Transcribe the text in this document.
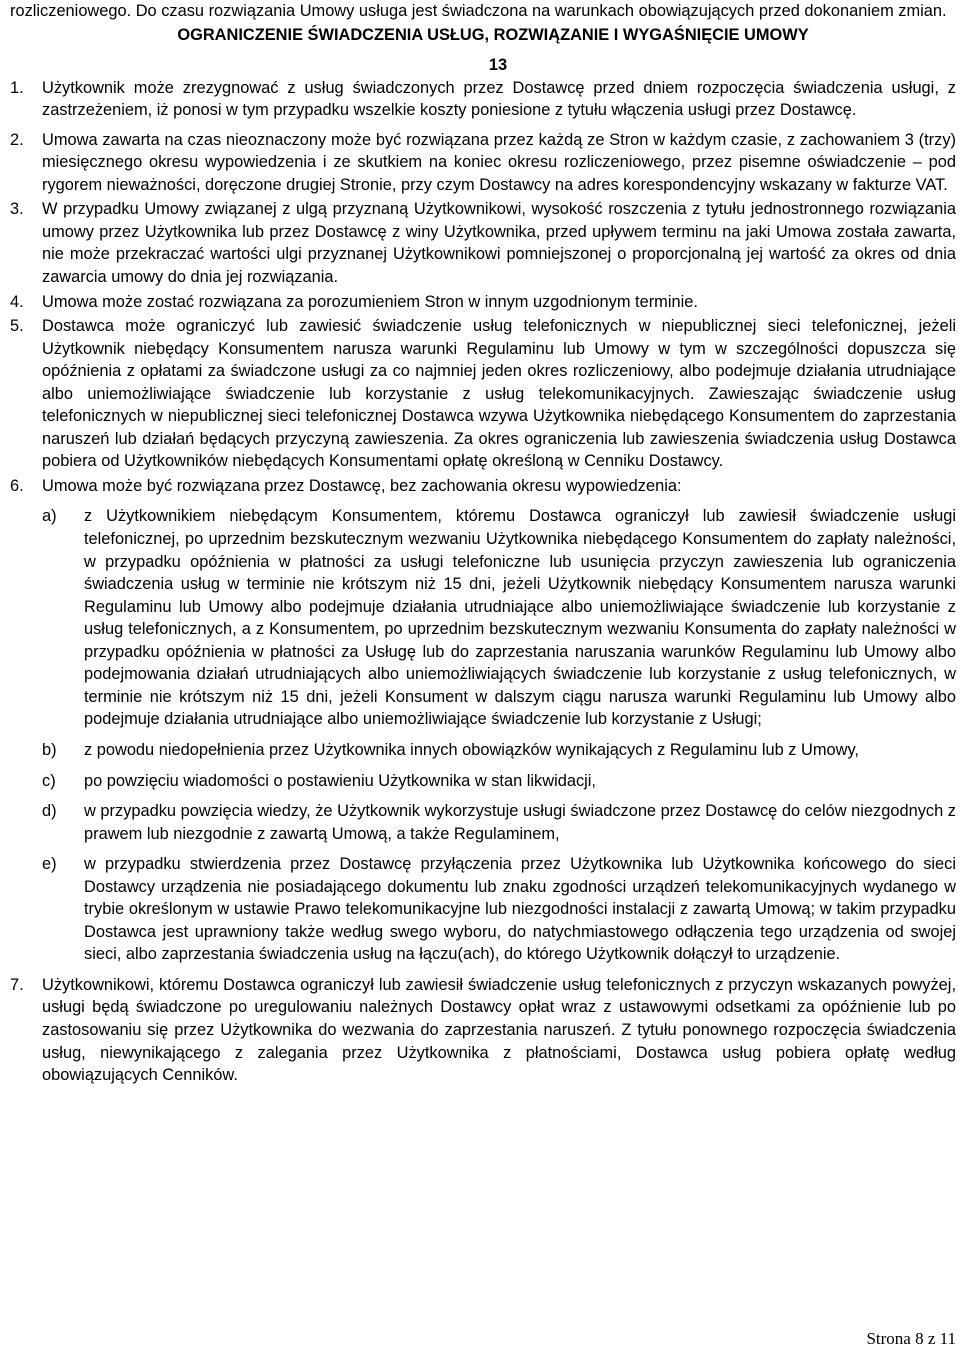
rozliczeniowego. Do czasu rozwiązania Umowy usługa jest świadczona na warunkach obowiązujących przed dokonaniem zmian.
OGRANICZENIE ŚWIADCZENIA USŁUG, ROZWIĄZANIE I WYGAŚNIĘCIE UMOWY
13
1. Użytkownik może zrezygnować z usług świadczonych przez Dostawcę przed dniem rozpoczęcia świadczenia usługi, z zastrzeżeniem, iż ponosi w tym przypadku wszelkie koszty poniesione z tytułu włączenia usługi przez Dostawcę.
2. Umowa zawarta na czas nieoznaczony może być rozwiązana przez każdą ze Stron w każdym czasie, z zachowaniem 3 (trzy) miesięcznego okresu wypowiedzenia i ze skutkiem na koniec okresu rozliczeniowego, przez pisemne oświadczenie – pod rygorem nieważności, doręczone drugiej Stronie, przy czym Dostawcy na adres korespondencyjny wskazany w fakturze VAT.
3. W przypadku Umowy związanej z ulgą przyznaną Użytkownikowi, wysokość roszczenia z tytułu jednostronnego rozwiązania umowy przez Użytkownika lub przez Dostawcę z winy Użytkownika, przed upływem terminu na jaki Umowa została zawarta, nie może przekraczać wartości ulgi przyznanej Użytkownikowi pomniejszonej o proporcjonalną jej wartość za okres od dnia zawarcia umowy do dnia jej rozwiązania.
4. Umowa może zostać rozwiązana za porozumieniem Stron w innym uzgodnionym terminie.
5. Dostawca może ograniczyć lub zawiesić świadczenie usług telefonicznych w niepublicznej sieci telefonicznej, jeżeli Użytkownik niebędący Konsumentem narusza warunki Regulaminu lub Umowy w tym w szczególności dopuszcza się opóźnienia z opłatami za świadczone usługi za co najmniej jeden okres rozliczeniowy, albo podejmuje działania utrudniające albo uniemożliwiające świadczenie lub korzystanie z usług telekomunikacyjnych. Zawieszając świadczenie usług telefonicznych w niepublicznej sieci telefonicznej Dostawca wzywa Użytkownika niebędącego Konsumentem do zaprzestania naruszeń lub działań będących przyczyną zawieszenia. Za okres ograniczenia lub zawieszenia świadczenia usług Dostawca pobiera od Użytkowników niebędących Konsumentami opłatę określoną w Cenniku Dostawcy.
6. Umowa może być rozwiązana przez Dostawcę, bez zachowania okresu wypowiedzenia:
a) z Użytkownikiem niebędącym Konsumentem, któremu Dostawca ograniczył lub zawiesił świadczenie usługi telefonicznej, po uprzednim bezskutecznym wezwaniu Użytkownika niebędącego Konsumentem do zapłaty należności, w przypadku opóźnienia w płatności za usługi telefoniczne lub usunięcia przyczyn zawieszenia lub ograniczenia świadczenia usług w terminie nie krótszym niż 15 dni, jeżeli Użytkownik niebędący Konsumentem narusza warunki Regulaminu lub Umowy albo podejmuje działania utrudniające albo uniemożliwiające świadczenie lub korzystanie z usług telefonicznych, a z Konsumentem, po uprzednim bezskutecznym wezwaniu Konsumenta do zapłaty należności w przypadku opóźnienia w płatności za Usługę lub do zaprzestania naruszania warunków Regulaminu lub Umowy albo podejmowania działań utrudniających albo uniemożliwiających świadczenie lub korzystanie z usług telefonicznych, w terminie nie krótszym niż 15 dni, jeżeli Konsument w dalszym ciągu narusza warunki Regulaminu lub Umowy albo podejmuje działania utrudniające albo uniemożliwiające świadczenie lub korzystanie z Usługi;
b) z powodu niedopełnienia przez Użytkownika innych obowiązków wynikających z Regulaminu lub z Umowy,
c) po powzięciu wiadomości o postawieniu Użytkownika w stan likwidacji,
d) w przypadku powzięcia wiedzy, że Użytkownik wykorzystuje usługi świadczone przez Dostawcę do celów niezgodnych z prawem lub niezgodnie z zawartą Umową, a także Regulaminem,
e) w przypadku stwierdzenia przez Dostawcę przyłączenia przez Użytkownika lub Użytkownika końcowego do sieci Dostawcy urządzenia nie posiadającego dokumentu lub znaku zgodności urządzeń telekomunikacyjnych wydanego w trybie określonym w ustawie Prawo telekomunikacyjne lub niezgodności instalacji z zawartą Umową; w takim przypadku Dostawca jest uprawniony także według swego wyboru, do natychmiastowego odłączenia tego urządzenia od swojej sieci, albo zaprzestania świadczenia usług na łączu(ach), do którego Użytkownik dołączył to urządzenie.
7. Użytkownikowi, któremu Dostawca ograniczył lub zawiesił świadczenie usług telefonicznych z przyczyn wskazanych powyżej, usługi będą świadczone po uregulowaniu należnych Dostawcy opłat wraz z ustawowymi odsetkami za opóźnienie lub po zastosowaniu się przez Użytkownika do wezwania do zaprzestania naruszeń. Z tytułu ponownego rozpoczęcia świadczenia usług, niewynikającego z zalegania przez Użytkownika z płatnościami, Dostawca usług pobiera opłatę według obowiązujących Cenników.
Strona 8 z 11
